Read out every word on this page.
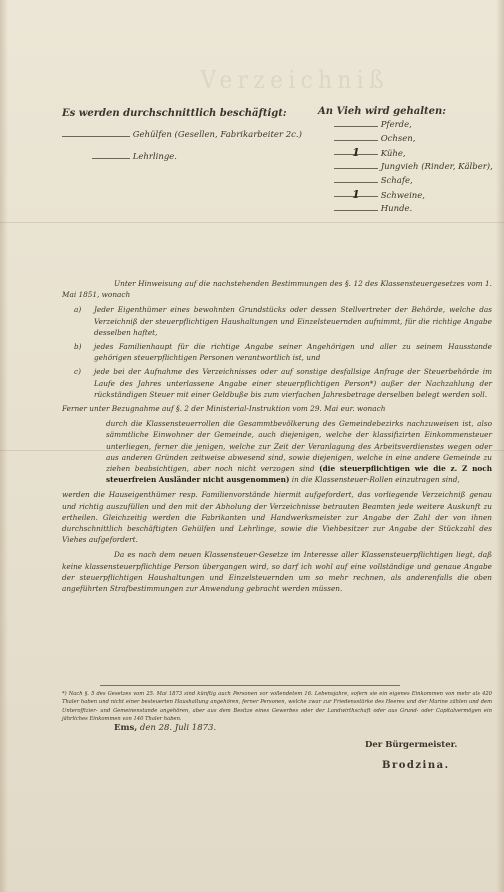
Verzeichniß
Es werden durchschnittlich beschäftigt:	An Vieh wird gehalten:
Gehülfen (Gesellen, Fabrikarbeiter 2c.)
Lehrlinge.
Pferde,
Ochsen,
1 Kühe,
Jungvieh (Rinder, Kälber),
Schafe,
1 Schweine,
Hunde.

Unter Hinweisung auf die nachstehenden Bestimmungen des §. 12 des Klassensteuergesetzes vom 1. Mai 1851, wonach

a)	Jeder Eigenthümer eines bewohnten Grundstücks oder dessen Stellvertreter der Behörde, welche das Verzeichniß der steuerpflichtigen Haushaltungen und Einzelsteuernden aufnimmt, für die richtige Angabe desselben haftet,
b)	jedes Familienhaupt für die richtige Angabe seiner Angehörigen und aller zu seinem Hausstande gehörigen steuerpflichtigen Personen verantwortlich ist, und
c)	jede bei der Aufnahme des Verzeichnisses oder auf sonstige desfallsige Anfrage der Steuerbehörde im Laufe des Jahres unterlassene Angabe einer steuerpflichtigen Person*) außer der Nachzahlung der rückständigen Steuer mit einer Geldbuße bis zum vierfachen Jahresbetrage derselben belegt werden soll.

Ferner unter Bezugnahme auf §. 2 der Ministerial-Instruktion vom 29. Mai eur. wonach

durch die Klassensteuerrollen die Gesammtbevölkerung des Gemeindebezirks nachzuweisen ist, also sämmtliche Einwohner der Gemeinde, auch diejenigen, welche der klassifizirten Einkommensteuer unterliegen, ferner die jenigen, welche zur Zeit der Veranlagung des Arbeitsverdienstes wegen oder aus anderen Gründen zeitweise abwesend sind, sowie diejenigen, welche in eine andere Gemeinde zu ziehen beabsichtigen, aber noch nicht verzogen sind (die steuerpflichtigen wie die z. Z noch steuerfreien Ausländer nicht ausgenommen) in die Klassensteuer-Rollen einzutragen sind,

werden die Hauseigenthümer resp. Familienvorstände hiermit aufgefordert, das vorliegende Verzeichniß genau und richtig auszufüllen und den mit der Abholung der Verzeichnisse betrauten Beamten jede weitere Auskunft zu ertheilen. Gleichzeitig werden die Fabrikanten und Handwerksmeister zur Angabe der Zahl der von ihnen durchschnittlich beschäftigten Gehülfen und Lehrlinge, sowie die Viehbesitzer zur Angabe der Stückzahl des Viehes aufgefordert.

Da es nach dem neuen Klassensteuer-Gesetze im Interesse aller Klassensteuerpflichtigen liegt, daß keine klassensteuerpflichtige Person übergangen wird, so darf ich wohl auf eine vollständige und genaue Angabe der steuerpflichtigen Haushaltungen und Einzelsteuernden um so mehr rechnen, als anderenfalls die oben angeführten Strafbestimmungen zur Anwendung gebracht werden müssen.

Ems, den 28. Juli 1873.
Der Bürgermeister.
Brodzina.
*) Nach §. 5 des Gesetzes vom 25. Mai 1873 sind künftig auch Personen vor vollendetem 16. Lebensjahre, sofern sie ein eigenes Einkommen von mehr als 420 Thaler haben und nicht einer besteuerten Haushaltung angehören, ferner Personen, welche zwar zur Friedensstärke des Heeres und der Marine zählen und dem Unteroffizier- und Gemeinenstande angehören, aber aus dem Besitze eines Gewerbes oder der Landwirthschaft oder aus Grund- oder Capitalvermögen ein jährliches Einkommen von 140 Thaler haben.
